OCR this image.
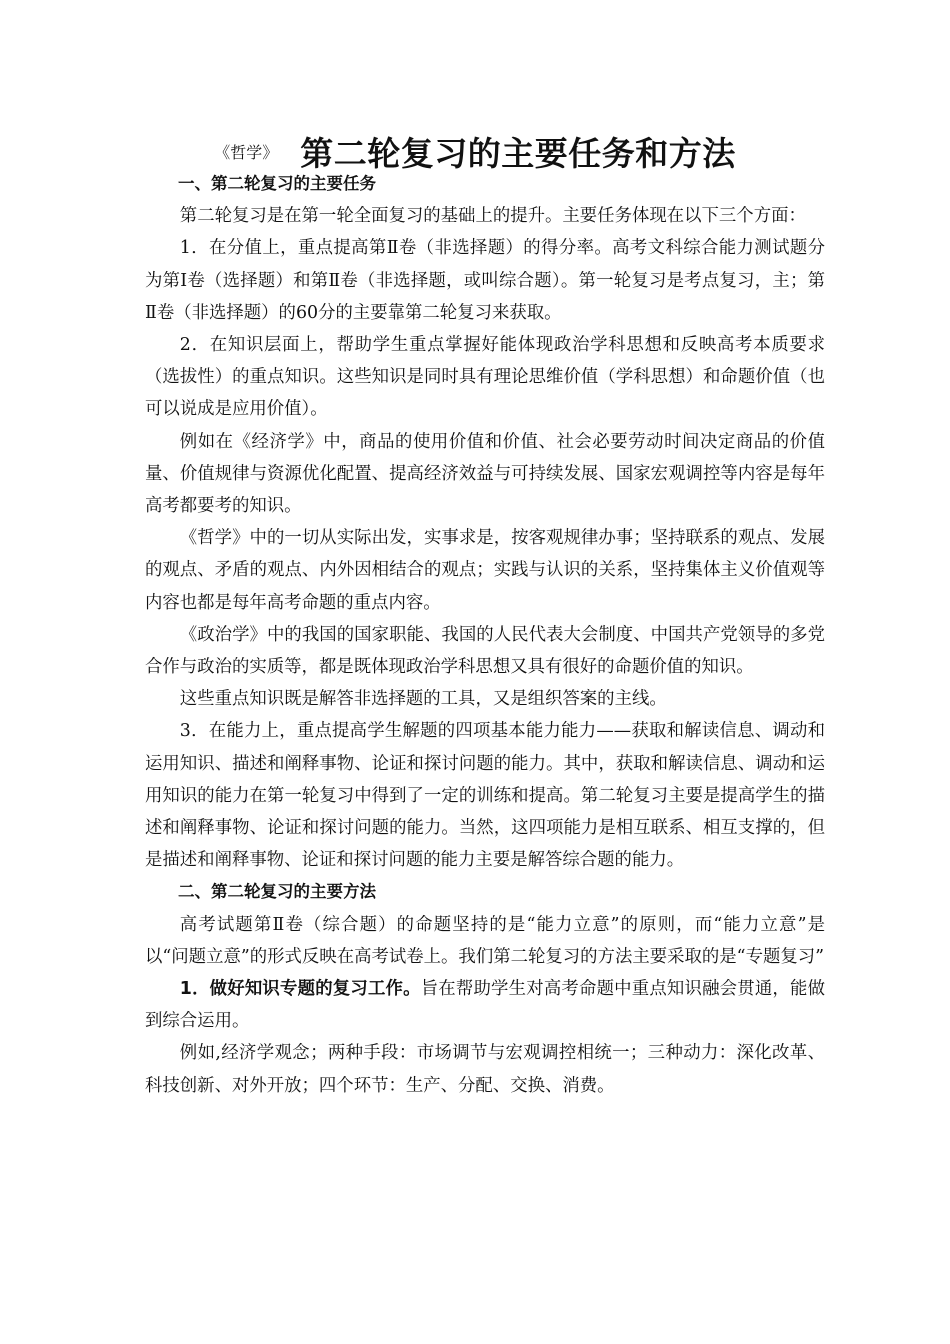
《哲学》 第二轮复习的主要任务和方法

一、第二轮复习的主要任务

第二轮复习是在第一轮全面复习的基础上的提升。主要任务体现在以下三个方面：

1．在分值上，重点提高第Ⅱ卷（非选择题）的得分率。高考文科综合能力测试题分为第Ⅰ卷（选择题）和第Ⅱ卷（非选择题，或叫综合题）。第一轮复习是考点复习，主；第Ⅱ卷（非选择题）的60分的主要靠第二轮复习来获取。

2．在知识层面上，帮助学生重点掌握好能体现政治学科思想和反映高考本质要求（选拔性）的重点知识。这些知识是同时具有理论思维价值（学科思想）和命题价值（也可以说成是应用价值）。

例如在《经济学》中，商品的使用价值和价值、社会必要劳动时间决定商品的价值量、价值规律与资源优化配置、提高经济效益与可持续发展、国家宏观调控等内容是每年高考都要考的知识。

《哲学》中的一切从实际出发，实事求是，按客观规律办事；坚持联系的观点、发展的观点、矛盾的观点、内外因相结合的观点；实践与认识的关系，坚持集体主义价值观等内容也都是每年高考命题的重点内容。

《政治学》中的我国的国家职能、我国的人民代表大会制度、中国共产党领导的多党合作与政治的实质等，都是既体现政治学科思想又具有很好的命题价值的知识。

这些重点知识既是解答非选择题的工具，又是组织答案的主线。

3．在能力上，重点提高学生解题的四项基本能力能力——获取和解读信息、调动和运用知识、描述和阐释事物、论证和探讨问题的能力。其中，获取和解读信息、调动和运用知识的能力在第一轮复习中得到了一定的训练和提高。第二轮复习主要是提高学生的描述和阐释事物、论证和探讨问题的能力。当然，这四项能力是相互联系、相互支撑的，但是描述和阐释事物、论证和探讨问题的能力主要是解答综合题的能力。

二、第二轮复习的主要方法

高考试题第Ⅱ卷（综合题）的命题坚持的是“能力立意”的原则，而“能力立意”是以“问题立意”的形式反映在高考试卷上。我们第二轮复习的方法主要采取的是“专题复习”

1．做好知识专题的复习工作。旨在帮助学生对高考命题中重点知识融会贯通，能做到综合运用。

例如,经济学观念；两种手段：市场调节与宏观调控相统一；三种动力：深化改革、科技创新、对外开放；四个环节：生产、分配、交换、消费。
